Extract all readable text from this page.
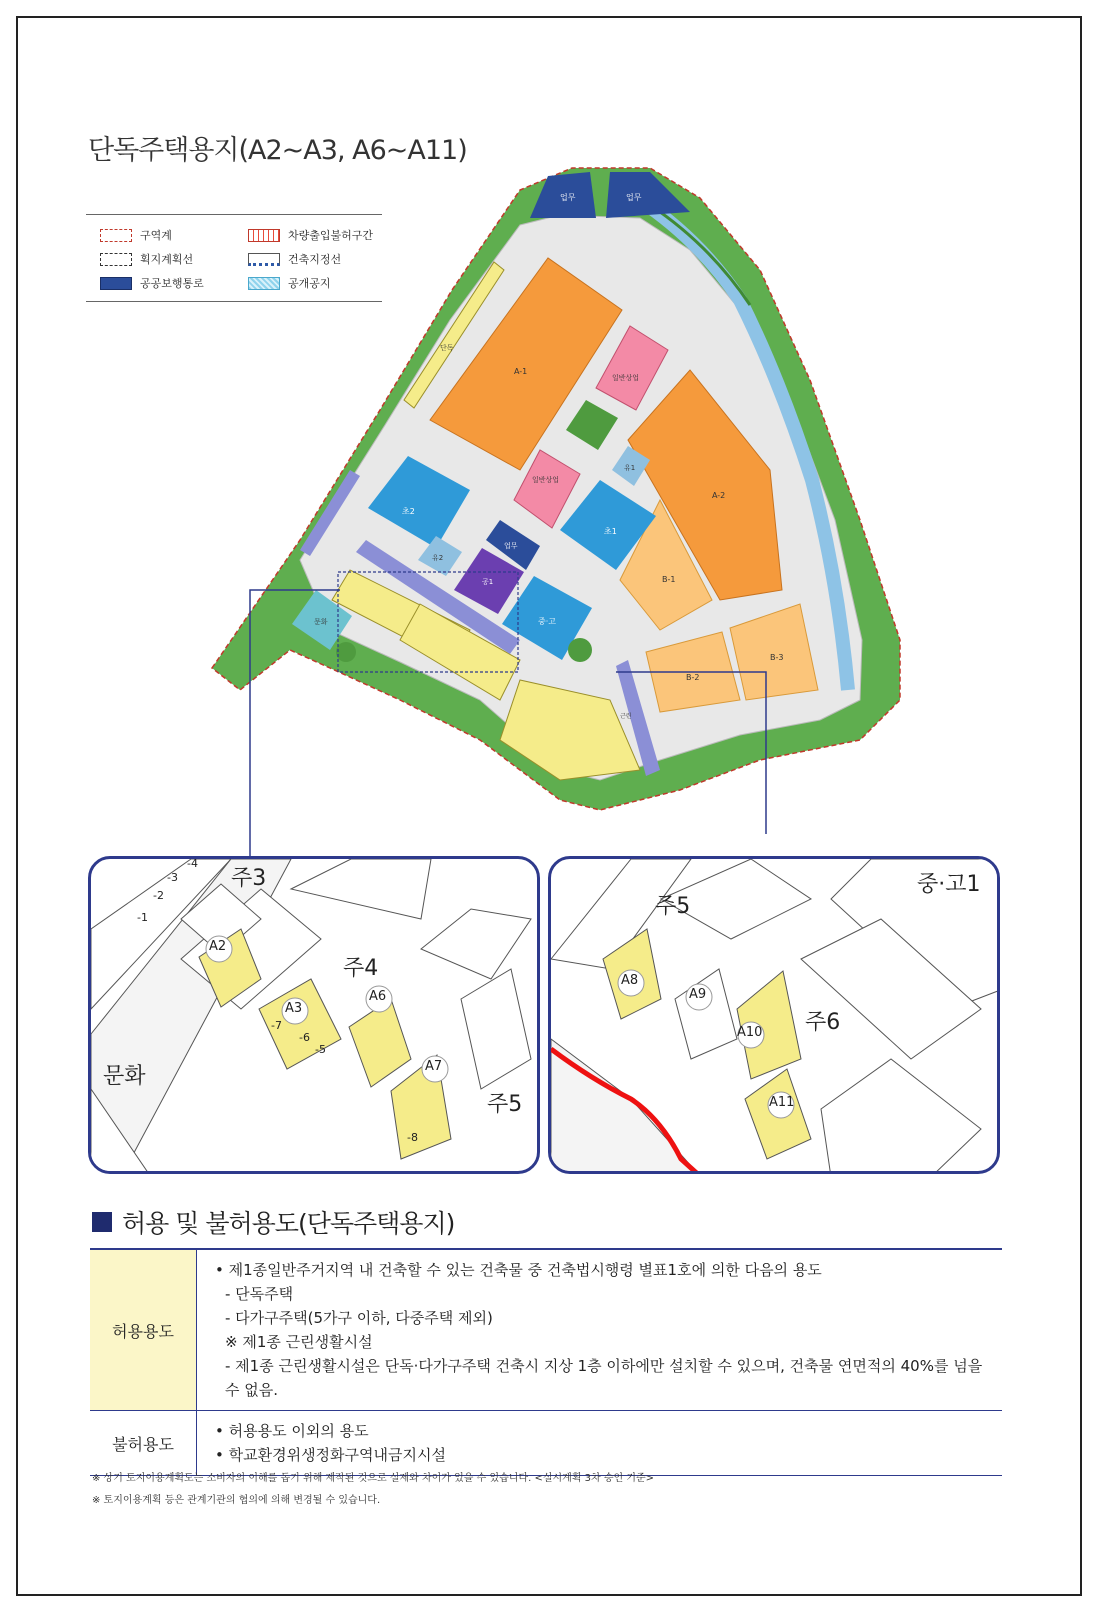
단독주택용지(A2~A3, A6~A11)
구역계	차량출입불허구간
획지계획선	건축지정선
공공보행통로	공개공지
업무	업무
A-1
A-2
B-1
B-2
B-3
일반상업
일반상업
초2
유2
초1
유1
업무
공1
중·고
문화
단독
근린
주3
주4
주5
문화
A2
A3
A6
A7
-1
-2
-3
-4
-5
-6
-7
-8
주5
주6
중·고1
A8
A9
A10
A11
허용 및 불허용도(단독주택용지)
허용용도	• 제1종일반주거지역 내 건축할 수 있는 건축물 중 건축법시행령 별표1호에 의한 다음의 용도
- 단독주택
- 다가구주택(5가구 이하, 다중주택 제외)
※ 제1종 근린생활시설
- 제1종 근린생활시설은 단독·다가구주택 건축시 지상 1층 이하에만 설치할 수 있으며, 건축물 연면적의 40%를 넘을 수 없음.

불허용도	• 허용용도 이외의 용도
• 학교환경위생정화구역내금지시설
※ 상기 토지이용계획도는 소비자의 이해를 돕기 위해 제작된 것으로 실제와 차이가 있을 수 있습니다. <실시계획 3차 승인 기준>
※ 토지이용계획 등은 관계기관의 협의에 의해 변경될 수 있습니다.
